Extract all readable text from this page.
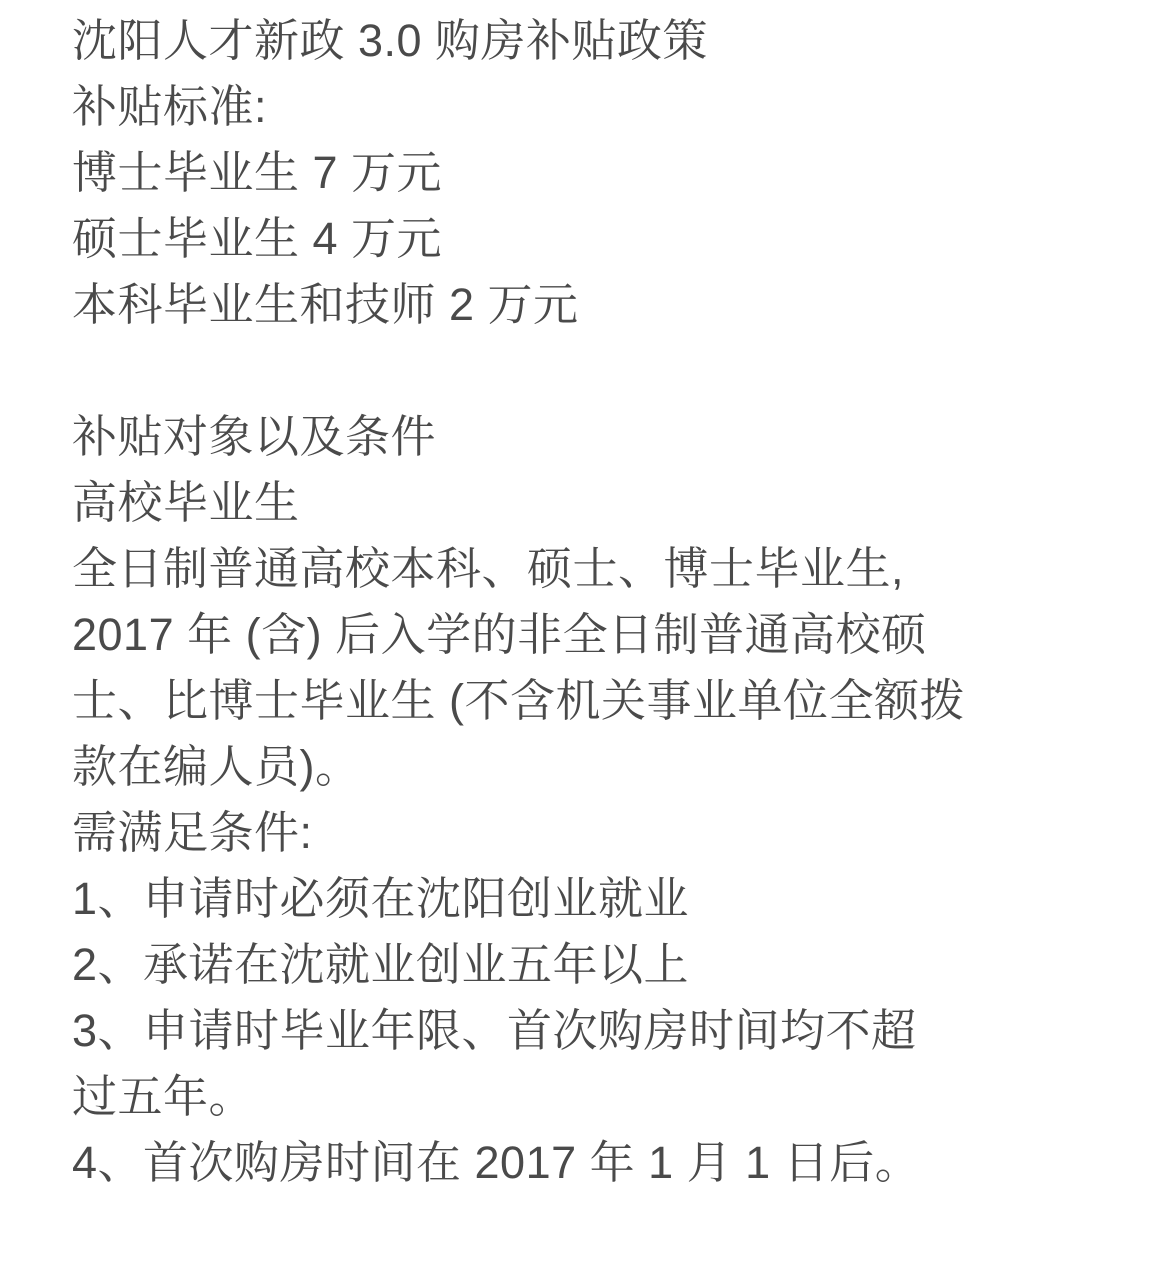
沈阳人才新政 3.0 购房补贴政策
补贴标准:
博士毕业生 7 万元
硕士毕业生 4 万元
本科毕业生和技师 2 万元
补贴对象以及条件
高校毕业生
全日制普通高校本科、硕士、博士毕业生,
2017 年 (含) 后入学的非全日制普通高校硕
士、比博士毕业生 (不含机关事业单位全额拨
款在编人员)。
需满足条件:
1、申请时必须在沈阳创业就业
2、承诺在沈就业创业五年以上
3、申请时毕业年限、首次购房时间均不超
过五年。
4、首次购房时间在 2017 年 1 月 1 日后。
